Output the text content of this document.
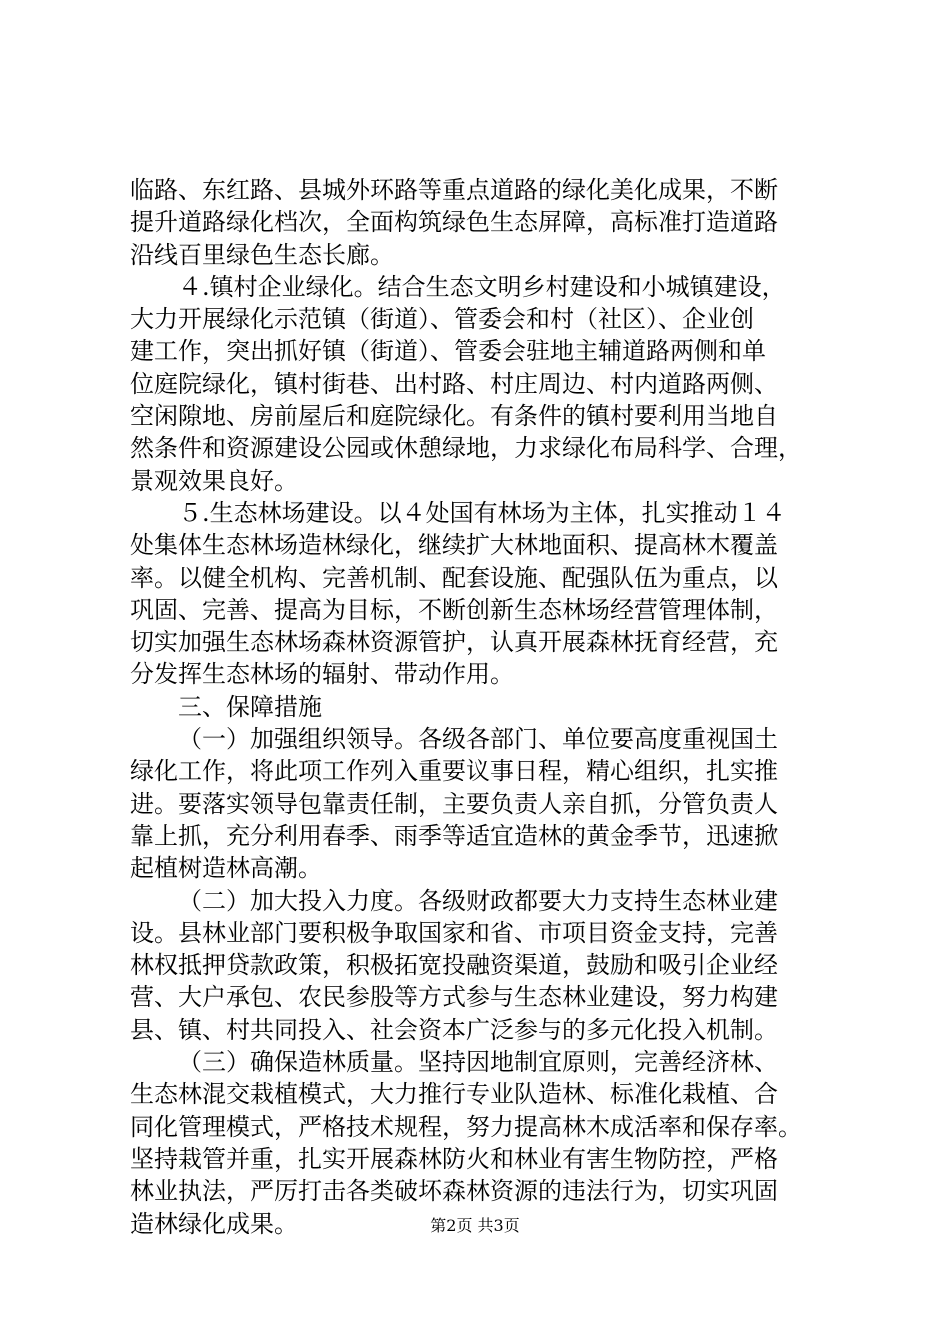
临路、东红路、县城外环路等重点道路的绿化美化成果，不断
提升道路绿化档次，全面构筑绿色生态屏障，高标准打造道路
沿线百里绿色生态长廊。
４.镇村企业绿化。结合生态文明乡村建设和小城镇建设，
大力开展绿化示范镇（街道）、管委会和村（社区）、企业创
建工作，突出抓好镇（街道）、管委会驻地主辅道路两侧和单
位庭院绿化，镇村街巷、出村路、村庄周边、村内道路两侧、
空闲隙地、房前屋后和庭院绿化。有条件的镇村要利用当地自
然条件和资源建设公园或休憩绿地，力求绿化布局科学、合理，
景观效果良好。
５.生态林场建设。以４处国有林场为主体，扎实推动１４
处集体生态林场造林绿化，继续扩大林地面积、提高林木覆盖
率。以健全机构、完善机制、配套设施、配强队伍为重点，以
巩固、完善、提高为目标，不断创新生态林场经营管理体制，
切实加强生态林场森林资源管护，认真开展森林抚育经营，充
分发挥生态林场的辐射、带动作用。
三、保障措施
（一）加强组织领导。各级各部门、单位要高度重视国土
绿化工作，将此项工作列入重要议事日程，精心组织，扎实推
进。要落实领导包靠责任制，主要负责人亲自抓，分管负责人
靠上抓，充分利用春季、雨季等适宜造林的黄金季节，迅速掀
起植树造林高潮。
（二）加大投入力度。各级财政都要大力支持生态林业建
设。县林业部门要积极争取国家和省、市项目资金支持，完善
林权抵押贷款政策，积极拓宽投融资渠道，鼓励和吸引企业经
营、大户承包、农民参股等方式参与生态林业建设，努力构建
县、镇、村共同投入、社会资本广泛参与的多元化投入机制。
（三）确保造林质量。坚持因地制宜原则，完善经济林、
生态林混交栽植模式，大力推行专业队造林、标准化栽植、合
同化管理模式，严格技术规程，努力提高林木成活率和保存率。
坚持栽管并重，扎实开展森林防火和林业有害生物防控，严格
林业执法，严厉打击各类破坏森林资源的违法行为，切实巩固
造林绿化成果。	第2页 共3页
